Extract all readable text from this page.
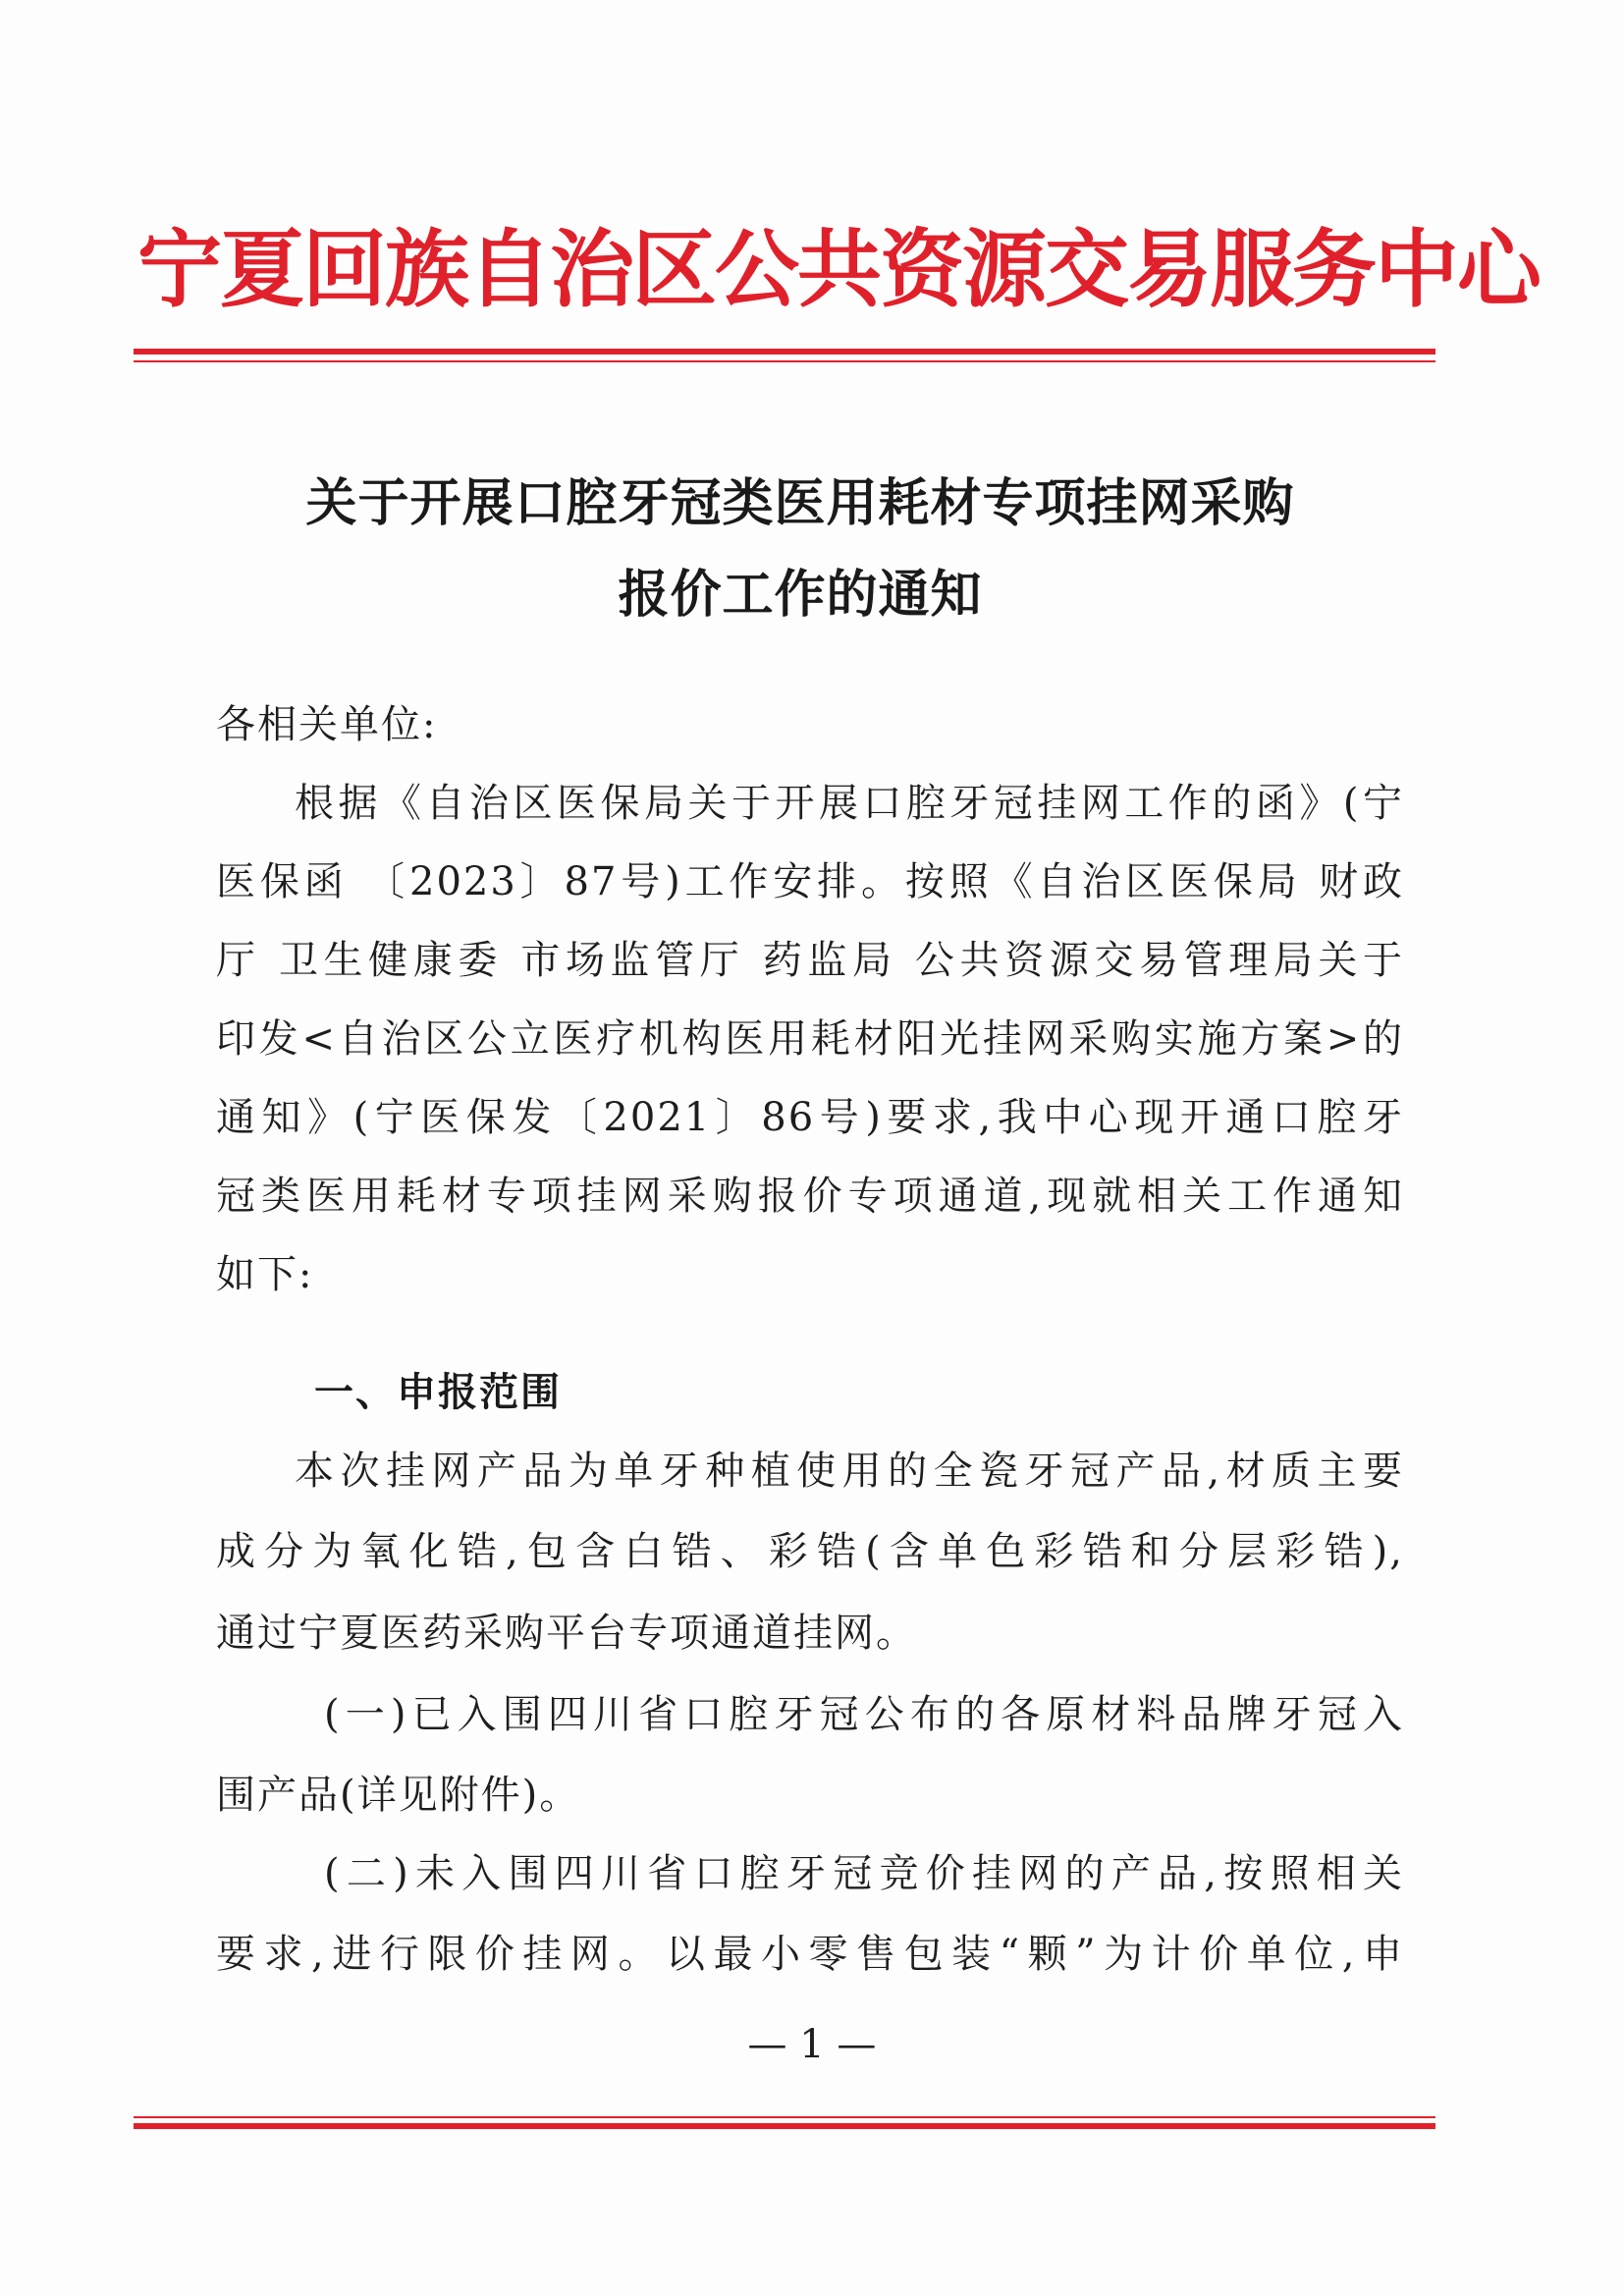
宁夏回族自治区公共资源交易服务中心
关于开展口腔牙冠类医用耗材专项挂网采购
报价工作的通知
各相关单位:
根据《自治区医保局关于开展口腔牙冠挂网工作的函》(宁
医保函 〔2023〕87号)工作安排。按照《自治区医保局 财政
厅 卫生健康委 市场监管厅 药监局 公共资源交易管理局关于
印发<自治区公立医疗机构医用耗材阳光挂网采购实施方案>的
通知》(宁医保发〔2021〕86号)要求,我中心现开通口腔牙
冠类医用耗材专项挂网采购报价专项通道,现就相关工作通知
如下:
一、申报范围
本次挂网产品为单牙种植使用的全瓷牙冠产品,材质主要
成分为氧化锆,包含白锆、彩锆(含单色彩锆和分层彩锆),
通过宁夏医药采购平台专项通道挂网。
(一)已入围四川省口腔牙冠公布的各原材料品牌牙冠入
围产品(详见附件)。
(二)未入围四川省口腔牙冠竞价挂网的产品,按照相关
要求,进行限价挂网。以最小零售包装“颗”为计价单位,申
— 1 —
